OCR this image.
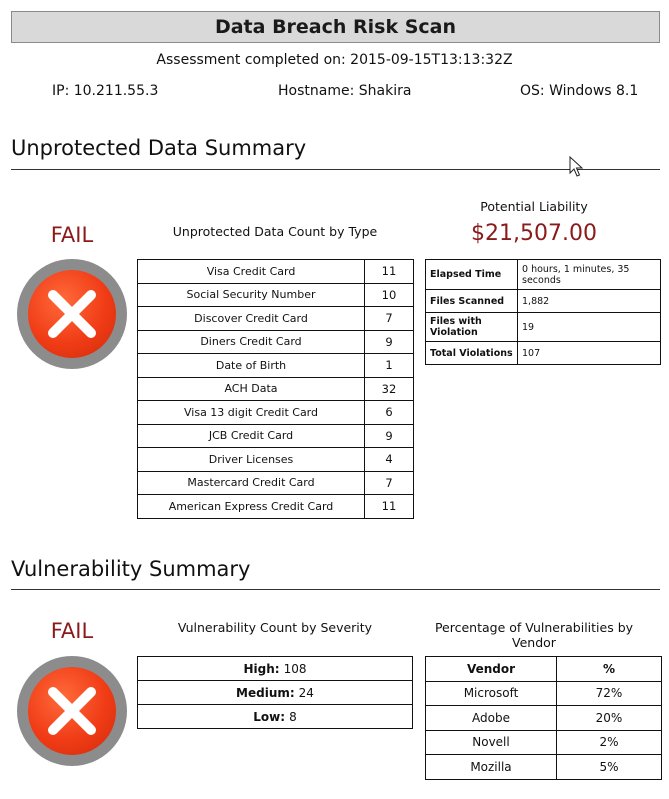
Data Breach Risk Scan
Assessment completed on: 2015-09-15T13:13:32Z
IP: 10.211.55.3	Hostname: Shakira	OS: Windows 8.1
Unprotected Data Summary
FAIL	Unprotected Data Count by Type
Visa Credit Card	11
Social Security Number	10
Discover Credit Card	7
Diners Credit Card	9
Date of Birth	1
ACH Data	32
Visa 13 digit Credit Card	6
JCB Credit Card	9
Driver Licenses	4
Mastercard Credit Card	7
American Express Credit Card	11
Potential Liability
$21,507.00
Elapsed Time	0 hours, 1 minutes, 35 seconds
Files Scanned	1,882
Files with Violation	19
Total Violations	107
Vulnerability Summary
FAIL	Vulnerability Count by Severity
High: 108
Medium: 24
Low: 8
Percentage of Vulnerabilities by Vendor
Vendor	%
Microsoft	72%
Adobe	20%
Novell	2%
Mozilla	5%
